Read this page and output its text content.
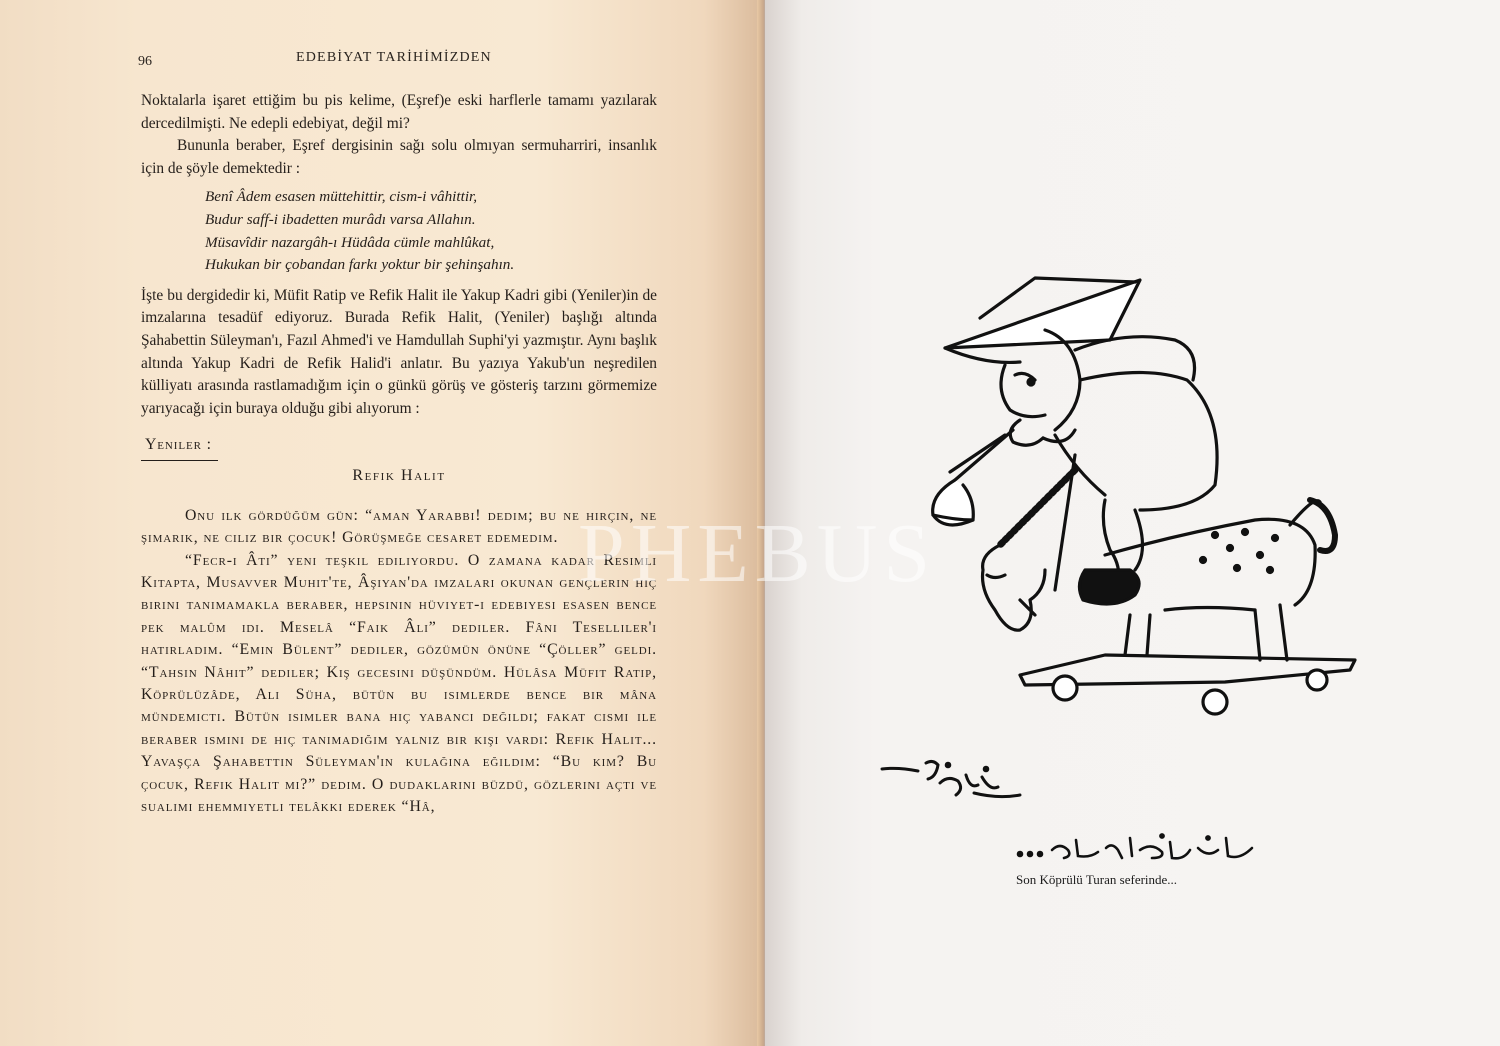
96	EDEBİYAT TARİHİMİZDEN

Noktalarla işaret ettiğim bu pis kelime, (Eşref)e eski harflerle tamamı yazılarak dercedilmişti. Ne edepli edebiyat, değil mi?

Bununla beraber, Eşref dergisinin sağı solu olmıyan sermuharriri, insanlık için de şöyle demektedir :

Benî Âdem esasen müttehittir, cism-i vâhittir,
Budur saff-i ibadetten murâdı varsa Allahın.
Müsavîdir nazargâh-ı Hüdâda cümle mahlûkat,
Hukukan bir çobandan farkı yoktur bir şehinşahın.

İşte bu dergidedir ki, Müfit Ratip ve Refik Halit ile Yakup Kadri gibi (Yeniler)in de imzalarına tesadüf ediyoruz. Burada Refik Halit, (Yeniler) başlığı altında Şahabettin Süleyman'ı, Fazıl Ahmed'i ve Hamdullah Suphi'yi yazmıştır. Aynı başlık altında Yakup Kadri de Refik Halid'i anlatır. Bu yazıya Yakub'un neşredilen külliyatı arasında rastlamadığım için o günkü görüş ve gösteriş tarzını görmemize yarıyacağı için buraya olduğu gibi alıyorum :

Yeniler :
Refik Halit

Onu ilk gördüğüm gün: “aman Yarabbi! dedim; bu ne hırçın, ne şımarık, ne cılız bir çocuk! Görüşmeğe cesaret edemedim.

“Fecr-i Âti” yeni teşkil ediliyordu. O zamana kadar Resimli Kitapta, Musavver Muhit'te, Âşiyan'da imzaları okunan gençlerin hiç birini tanımamakla beraber, hepsinin hüviyet-i edebiyesi esasen bence pek malûm idi. Meselâ “Faik Âli” dediler. Fâni Teselliler'i hatırladım. “Emin Bülent” dediler, gözümün önüne “Çöller” geldi. “Tahsin Nâhit” dediler; Kış gecesini düşündüm. Hülâsa Müfit Ratip, Köprülüzâde, Ali Süha, bütün bu isimlerde bence bir mâna mündemicti. Bütün isimler bana hiç yabancı değildi; fakat cismi ile beraber ismini de hiç tanımadığım yalnız bir kişi vardı: Refik Halit... Yavaşça Şahabettin Süleyman'ın kulağına eğildim: “Bu kim? Bu çocuk, Refik Halit mi?” dedim. O dudaklarını büzdü, gözlerini açtı ve sualimi ehemmiyetli telâkki ederek “Hâ,

Son Köprülü Turan seferinde...
PHEBUS
